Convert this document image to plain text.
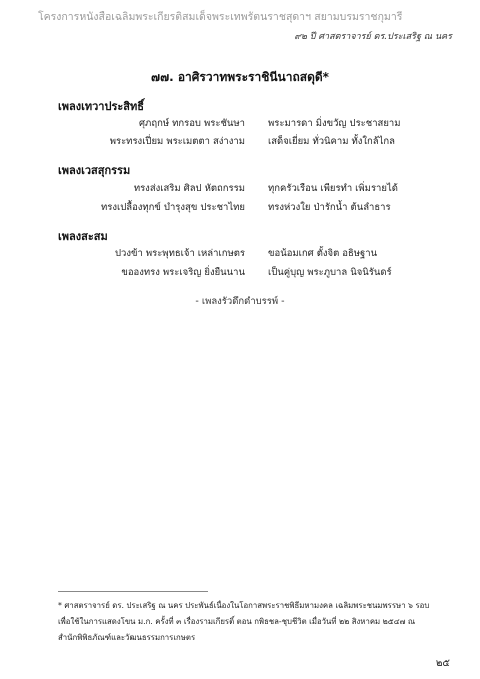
โครงการหนังสือเฉลิมพระเกียรติสมเด็จพระเทพรัตนราชสุดาฯ สยามบรมราชกุมารี
๙๒ ปี ศาสตราจารย์ ดร.ประเสริฐ ณ นคร
๗๗. อาศิรวาทพระราชินีนาถสดุดี*
เพลงเทวาประสิทธิ์
ศุภฤกษ์ ทกรอบ พระชันษา พระมารดา มิ่งขวัญ ประชาสยาม
พระทรงเปี่ยม พระเมตตา สง่างาม เสด็จเยี่ยม ทั่วนิคาม ทั้งใกล้ไกล
เพลงเวสสุกรรม
ทรงส่งเสริม ศิลป หัตถกรรม ทุกครัวเรือน เพียรทำ เพิ่มรายได้
ทรงเปลื้องทุกข์ บำรุงสุข ประชาไทย ทรงห่วงใย ป่ารักน้ำ ต้นลำธาร
เพลงสะสม
ปวงข้า พระพุทธเจ้า เหล่าเกษตร ขอน้อมเกศ ตั้งจิต อธิษฐาน
ขอองทรง พระเจริญ ยิ่งยืนนาน เป็นคู่บุญ พระภูบาล นิจนิรันดร์
- เพลงรัวดึกดำบรรพ์ -
* ศาสตราจารย์ ดร. ประเสริฐ ณ นคร ประพันธ์เนื่องในโอกาสพระราชพิธีมหามงคล เฉลิมพระชนมพรรษา ๖ รอบ เพื่อใช้ในการแสดงโขน ม.ก. ครั้งที่ ๓ เรื่องรามเกียรติ์ ตอน กพิธชล-ชุบชีวิต เมื่อวันที่ ๒๒ สิงหาคม ๒๕๔๗ ณ สำนักพิพิธภัณฑ์และวัฒนธรรมการเกษตร
๒๕
